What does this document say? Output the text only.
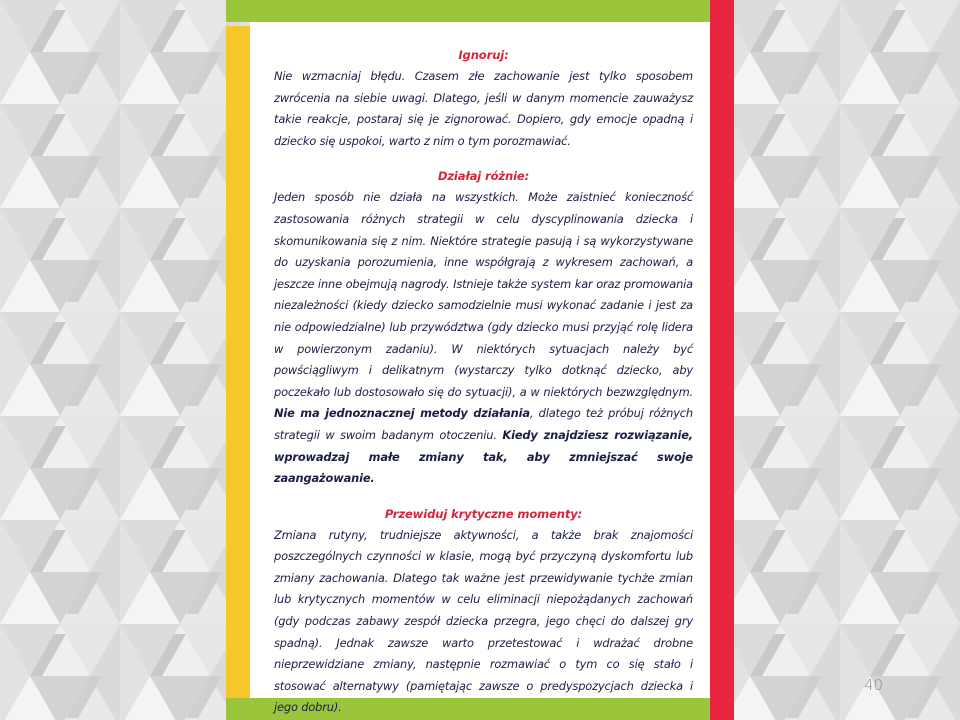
Ignoruj:

Nie wzmacniaj błędu. Czasem złe zachowanie jest tylko sposobem zwrócenia na siebie uwagi. Dlatego, jeśli w danym momencie zauważysz takie reakcje, postaraj się je zignorować. Dopiero, gdy emocje opadną i dziecko się uspokoi, warto z nim o tym porozmawiać.

Działaj różnie:

Jeden sposób nie działa na wszystkich. Może zaistnieć konieczność zastosowania różnych strategii w celu dyscyplinowania dziecka i skomunikowania się z nim. Niektóre strategie pasują i są wykorzystywane do uzyskania porozumienia, inne współgrają z wykresem zachowań, a jeszcze inne obejmują nagrody. Istnieje także system kar oraz promowania niezależności (kiedy dziecko samodzielnie musi wykonać zadanie i jest za nie odpowiedzialne) lub przywództwa (gdy dziecko musi przyjąć rolę lidera w powierzonym zadaniu). W niektórych sytuacjach należy być powściągliwym i delikatnym (wystarczy tylko dotknąć dziecko, aby poczekało lub dostosowało się do sytuacji), a w niektórych bezwzględnym. Nie ma jednoznacznej metody działania, dlatego też próbuj różnych strategii w swoim badanym otoczeniu. Kiedy znajdziesz rozwiązanie, wprowadzaj małe zmiany tak, aby zmniejszać swoje zaangażowanie.

Przewiduj krytyczne momenty:

Zmiana rutyny, trudniejsze aktywności, a także brak znajomości poszczególnych czynności w klasie, mogą być przyczyną dyskomfortu lub zmiany zachowania. Dlatego tak ważne jest przewidywanie tychże zmian lub krytycznych momentów w celu eliminacji niepożądanych zachowań (gdy podczas zabawy zespół dziecka przegra, jego chęci do dalszej gry spadną). Jednak zawsze warto przetestować i wdrażać drobne nieprzewidziane zmiany, następnie rozmawiać o tym co się stało i stosować alternatywy (pamiętając zawsze o predyspozycjach dziecka i jego dobru).

40
